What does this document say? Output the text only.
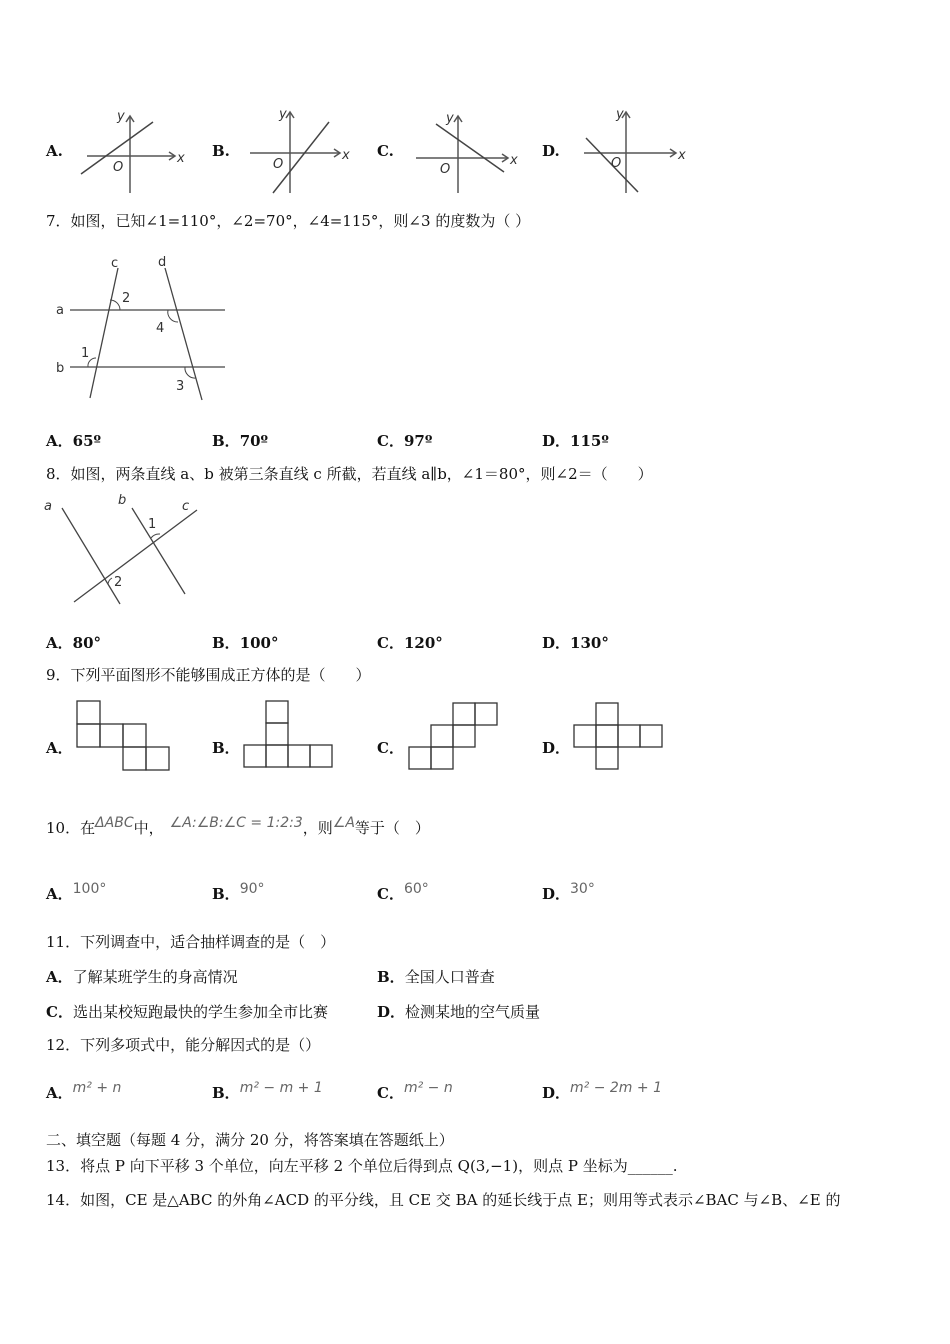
A.	x
y
O
B.	x
y
O
C.
x
y
O
D.	x
y
O
7．如图，已知∠1=110°，∠2=70°，∠4=115°，则∠3 的度数为（ ）
c	d
a
b
2
4
1
3
A．65º	B．70º	C．97º	D．115º
8．如图，两条直线 a、b 被第三条直线 c 所截，若直线 a∥b，∠1＝80°，则∠2＝（　　）
a	b	c
1
2
A．80°	B．100°	C．120°	D．130°
9．下列平面图形不能够围成正方体的是（　　）
A．	B．	C．	D．
10．在ΔABC中， ∠A:∠B:∠C = 1:2:3，则∠A等于（　）
A．100°	B．90°	C．60°	D．30°
11．下列调查中，适合抽样调查的是（　）
A．了解某班学生的身高情况	B．全国人口普查
C．选出某校短跑最快的学生参加全市比赛	D．检测某地的空气质量
12．下列多项式中，能分解因式的是（）
A．m² + n	B．m² − m + 1	C．m² − n	D．m² − 2m + 1
二、填空题（每题 4 分，满分 20 分，将答案填在答题纸上）
13．将点 P 向下平移 3 个单位，向左平移 2 个单位后得到点 Q(3,−1)，则点 P 坐标为______.
14．如图，CE 是△ABC 的外角∠ACD 的平分线，且 CE 交 BA 的延长线于点 E；则用等式表示∠BAC 与∠B、∠E 的
